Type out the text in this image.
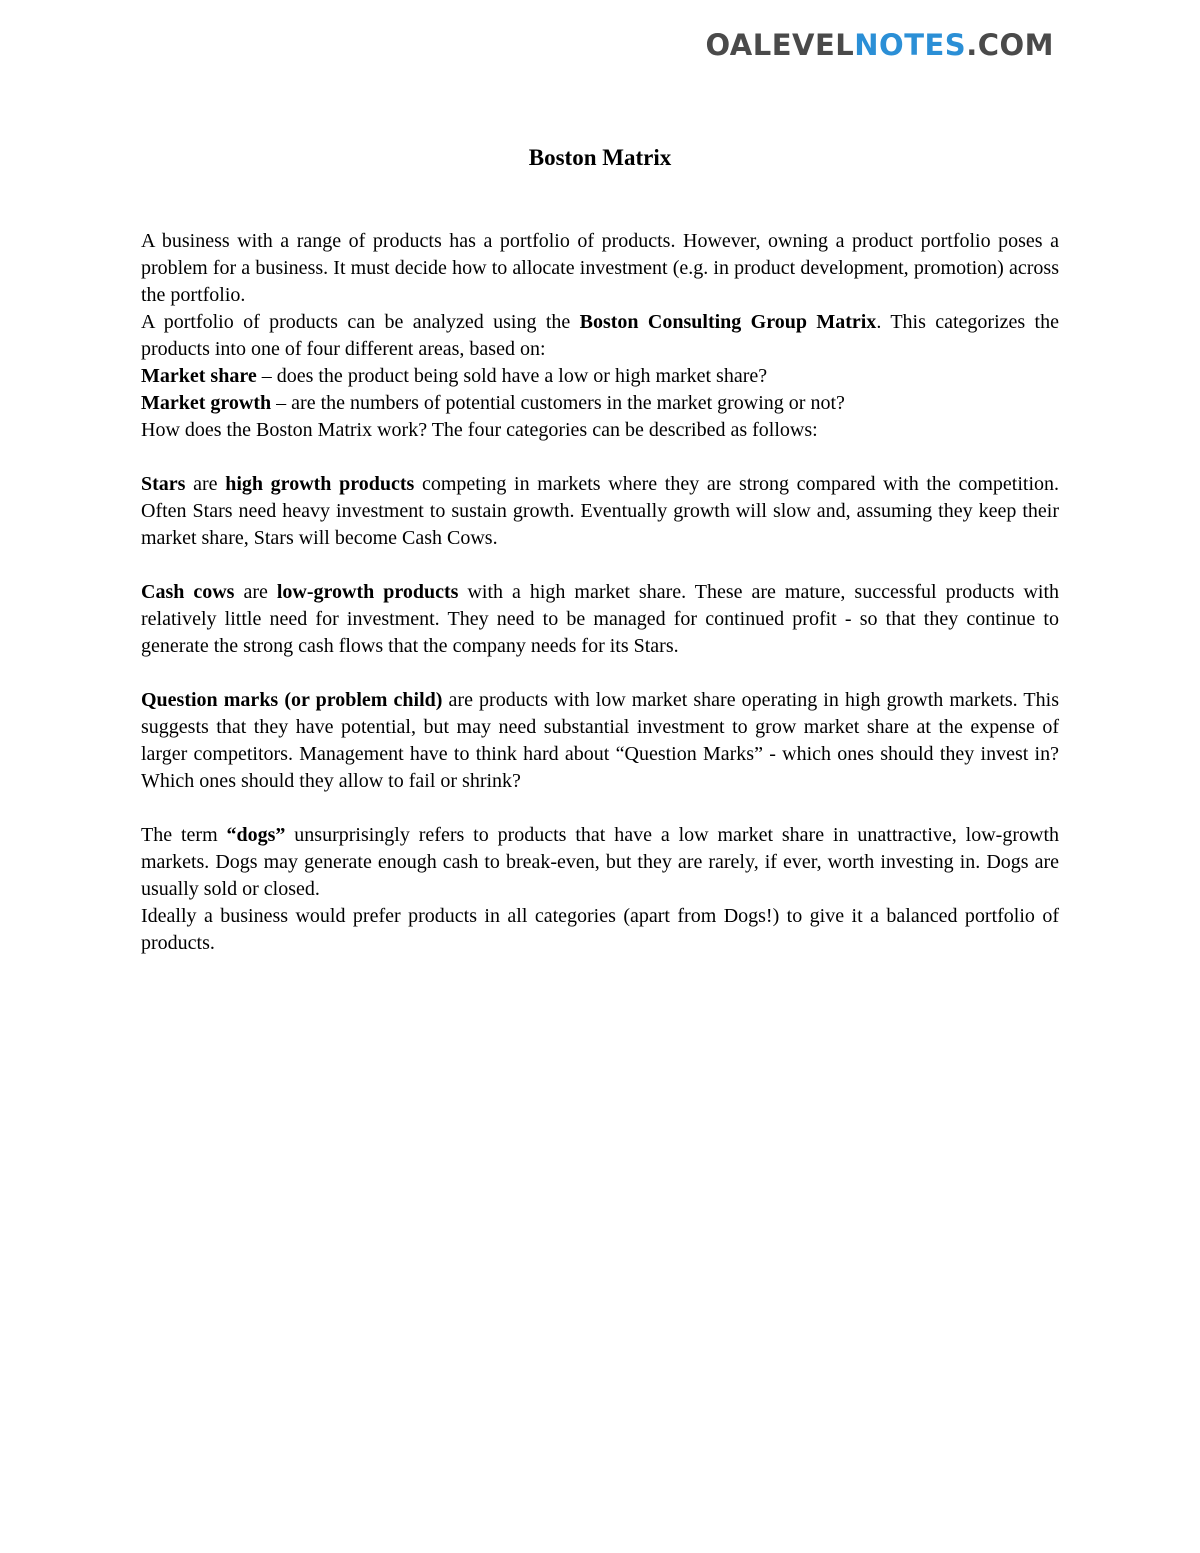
OALEVELNOTES.COM
Boston Matrix

A business with a range of products has a portfolio of products. However, owning a product portfolio poses a problem for a business. It must decide how to allocate investment (e.g. in product development, promotion) across the portfolio.

A portfolio of products can be analyzed using the Boston Consulting Group Matrix. This categorizes the products into one of four different areas, based on:

Market share – does the product being sold have a low or high market share?

Market growth – are the numbers of potential customers in the market growing or not?

How does the Boston Matrix work? The four categories can be described as follows:

Stars are high growth products competing in markets where they are strong compared with the competition. Often Stars need heavy investment to sustain growth. Eventually growth will slow and, assuming they keep their market share, Stars will become Cash Cows.

Cash cows are low-growth products with a high market share. These are mature, successful products with relatively little need for investment. They need to be managed for continued profit - so that they continue to generate the strong cash flows that the company needs for its Stars.

Question marks (or problem child) are products with low market share operating in high growth markets. This suggests that they have potential, but may need substantial investment to grow market share at the expense of larger competitors. Management have to think hard about “Question Marks” - which ones should they invest in? Which ones should they allow to fail or shrink?

The term “dogs” unsurprisingly refers to products that have a low market share in unattractive, low-growth markets. Dogs may generate enough cash to break-even, but they are rarely, if ever, worth investing in. Dogs are usually sold or closed.

Ideally a business would prefer products in all categories (apart from Dogs!) to give it a balanced portfolio of products.
